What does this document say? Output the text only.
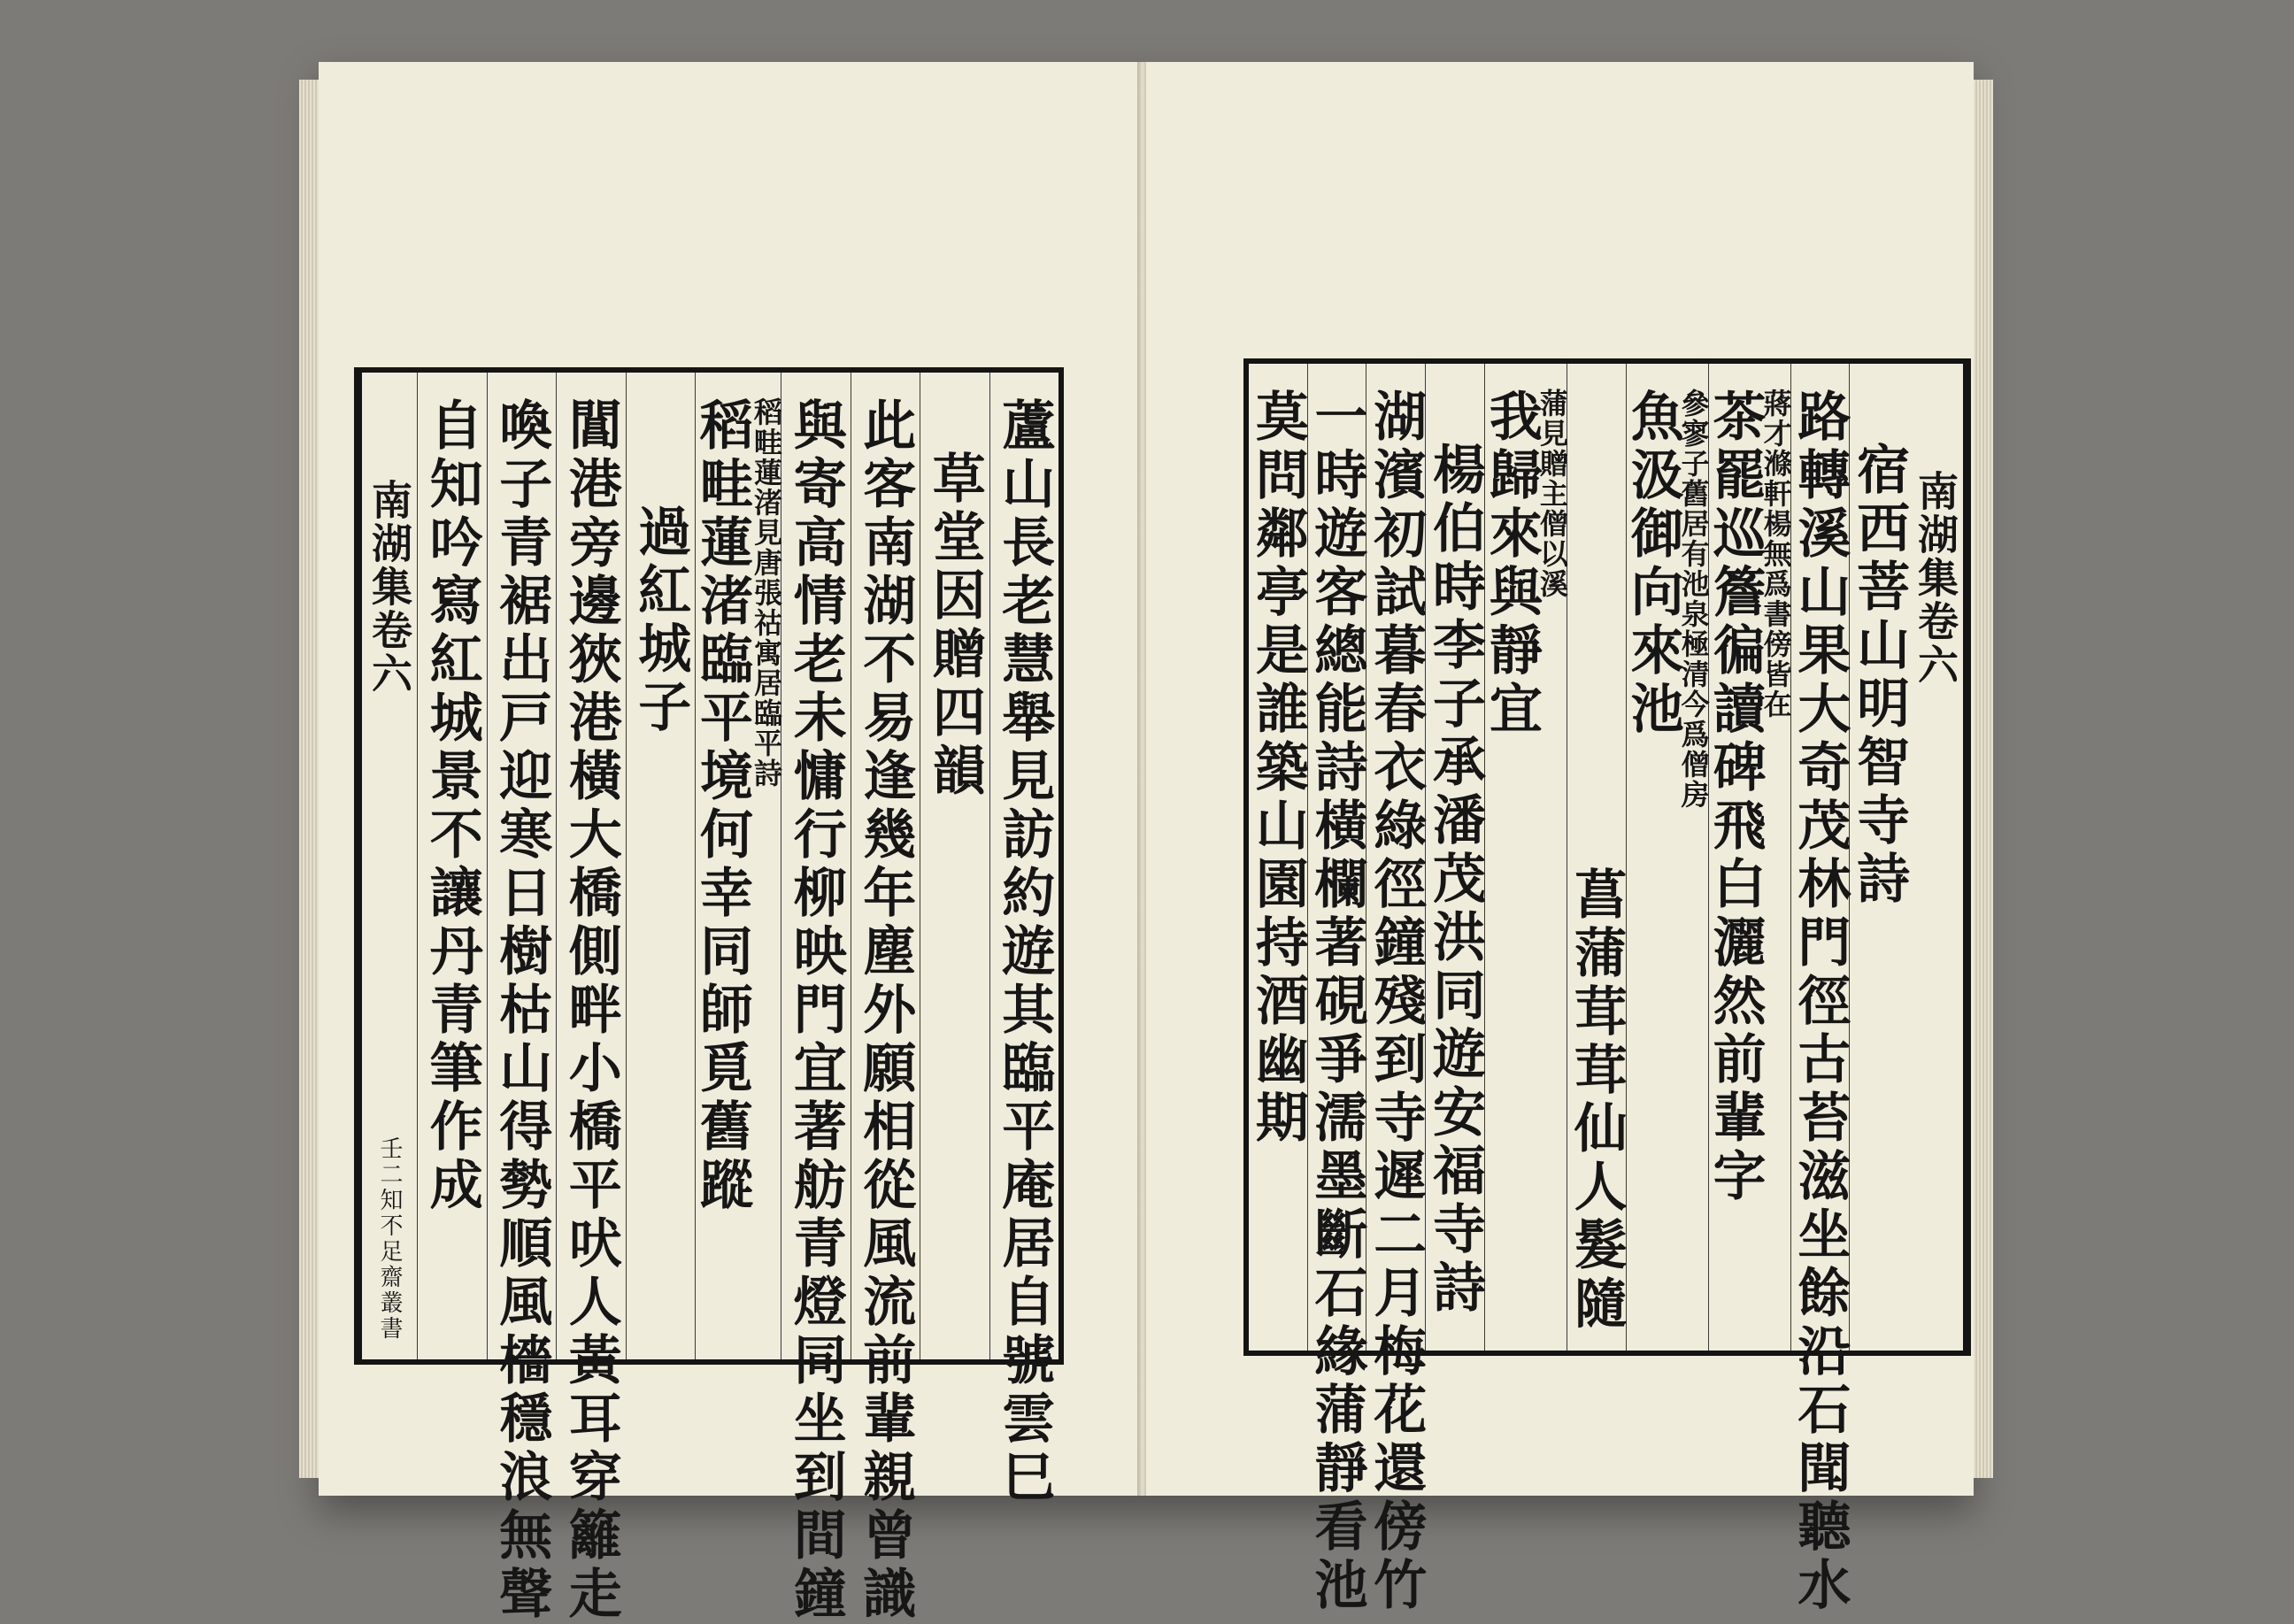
蘆山長老慧舉見訪約遊其臨平庵居自號雲巳
草堂因贈四韻
此客南湖不易逢幾年塵外願相從風流前輩親曾識
與寄高情老未慵行柳映門宜著舫青燈同坐到間鐘
稻畦蓮渚臨平境何幸同師覓舊蹤
稻畦蓮渚見唐張祜寓居臨平詩
過紅城子
閶港旁邊狹港橫大橋側畔小橋平吠人黃耳穿籬走
喚子青裾出戸迎寒日樹枯山得勢順風檣穩浪無聲
自知吟寫紅城景不讓丹青筆作成
南湖集卷六
壬二知不足齋叢書
南湖集卷六
宿西菩山明智寺詩
路轉溪山果大奇茂林門徑古苔滋坐餘沿石聞聽水
茶罷巡簷徧讀碑飛白灑然前輩字
蔣才滌軒楊無爲書傍皆在
魚汲御向來池
參寥子舊居有池泉極清今爲僧房
菖蒲茸茸仙人髮隨
我歸來與靜宜
蒲見贈主僧以溪
楊伯時李子承潘茂洪同遊安福寺詩
湖濱初試暮春衣綠徑鐘殘到寺遲二月梅花還傍竹
一時遊客總能詩橫欄著硯爭濡墨斷石緣蒲靜看池
莫問鄰亭是誰築山園持酒幽期
